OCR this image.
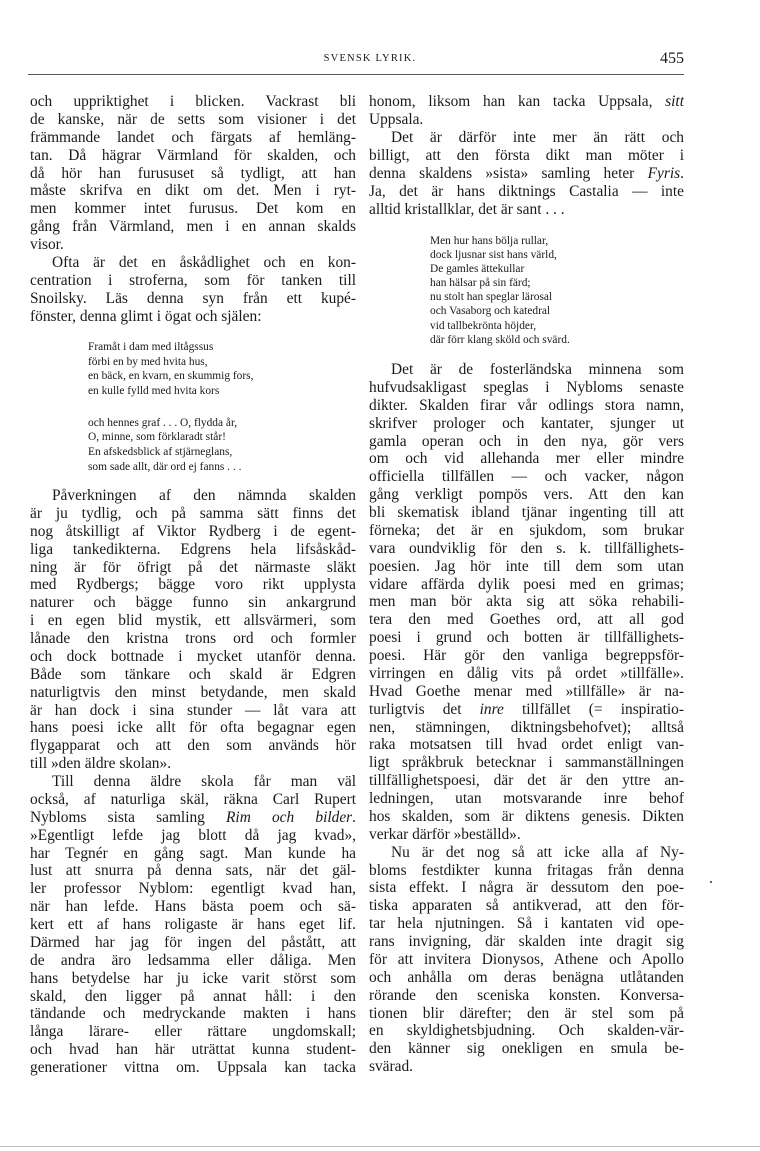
SVENSK LYRIK.	455
och uppriktighet i blicken. Vackrast bli
de kanske, när de setts som visioner i det
främmande landet och färgats af hemläng-
tan. Då hägrar Värmland för skalden, och
då hör han furususet så tydligt, att han
måste skrifva en dikt om det. Men i ryt-
men kommer intet furusus. Det kom en
gång från Värmland, men i en annan skalds
visor.
Ofta är det en åskådlighet och en kon-
centration i stroferna, som för tanken till
Snoilsky. Läs denna syn från ett kupé-
fönster, denna glimt i ögat och själen:
Framåt i dam med iltågssus
förbi en by med hvita hus,
en bäck, en kvarn, en skummig fors,
en kulle fylld med hvita kors
och hennes graf . . . O, flydda år,
O, minne, som förklaradt står!
En afskedsblick af stjärneglans,
som sade allt, där ord ej fanns . . .
Påverkningen af den nämnda skalden
är ju tydlig, och på samma sätt finns det
nog åtskilligt af Viktor Rydberg i de egent-
liga tankedikterna. Edgrens hela lifsåskåd-
ning är för öfrigt på det närmaste släkt
med Rydbergs; bägge voro rikt upplysta
naturer och bägge funno sin ankargrund
i en egen blid mystik, ett allsvärmeri, som
lånade den kristna trons ord och formler
och dock bottnade i mycket utanför denna.
Både som tänkare och skald är Edgren
naturligtvis den minst betydande, men skald
är han dock i sina stunder — låt vara att
hans poesi icke allt för ofta begagnar egen
flygapparat och att den som används hör
till »den äldre skolan».
Till denna äldre skola får man väl
också, af naturliga skäl, räkna Carl Rupert
Nybloms sista samling Rim och bilder.
»Egentligt lefde jag blott då jag kvad»,
har Tegnér en gång sagt. Man kunde ha
lust att snurra på denna sats, när det gäl-
ler professor Nyblom: egentligt kvad han,
när han lefde. Hans bästa poem och sä-
kert ett af hans roligaste är hans eget lif.
Därmed har jag för ingen del påstått, att
de andra äro ledsamma eller dåliga. Men
hans betydelse har ju icke varit störst som
skald, den ligger på annat håll: i den
tändande och medryckande makten i hans
långa lärare- eller rättare ungdomskall;
och hvad han här uträttat kunna student-
generationer vittna om. Uppsala kan tacka
honom, liksom han kan tacka Uppsala, sitt
Uppsala.
Det är därför inte mer än rätt och
billigt, att den första dikt man möter i
denna skaldens »sista» samling heter Fyris.
Ja, det är hans diktnings Castalia — inte
alltid kristallklar, det är sant . . .
Men hur hans bölja rullar,
dock ljusnar sist hans värld,
De gamles ättekullar
han hälsar på sin färd;
nu stolt han speglar lärosal
och Vasaborg och katedral
vid tallbekrönta höjder,
där förr klang sköld och svärd.
Det är de fosterländska minnena som
hufvudsakligast speglas i Nybloms senaste
dikter. Skalden firar vår odlings stora namn,
skrifver prologer och kantater, sjunger ut
gamla operan och in den nya, gör vers
om och vid allehanda mer eller mindre
officiella tillfällen — och vacker, någon
gång verkligt pompös vers. Att den kan
bli skematisk ibland tjänar ingenting till att
förneka; det är en sjukdom, som brukar
vara oundviklig för den s. k. tillfällighets-
poesien. Jag hör inte till dem som utan
vidare affärda dylik poesi med en grimas;
men man bör akta sig att söka rehabili-
tera den med Goethes ord, att all god
poesi i grund och botten är tillfällighets-
poesi. Här gör den vanliga begreppsför-
virringen en dålig vits på ordet »tillfälle».
Hvad Goethe menar med »tillfälle» är na-
turligtvis det inre tillfället (= inspiratio-
nen, stämningen, diktningsbehofvet); alltså
raka motsatsen till hvad ordet enligt van-
ligt språkbruk betecknar i sammanställningen
tillfällighetspoesi, där det är den yttre an-
ledningen, utan motsvarande inre behof
hos skalden, som är diktens genesis. Dikten
verkar därför »beställd».
Nu är det nog så att icke alla af Ny-
bloms festdikter kunna fritagas från denna
sista effekt. I några är dessutom den poe-
tiska apparaten så antikverad, att den för-
tar hela njutningen. Så i kantaten vid ope-
rans invigning, där skalden inte dragit sig
för att invitera Dionysos, Athene och Apollo
och anhålla om deras benägna utlåtanden
rörande den sceniska konsten. Konversa-
tionen blir därefter; den är stel som på
en skyldighetsbjudning. Och skalden-vär-
den känner sig onekligen en smula be-
svärad.
